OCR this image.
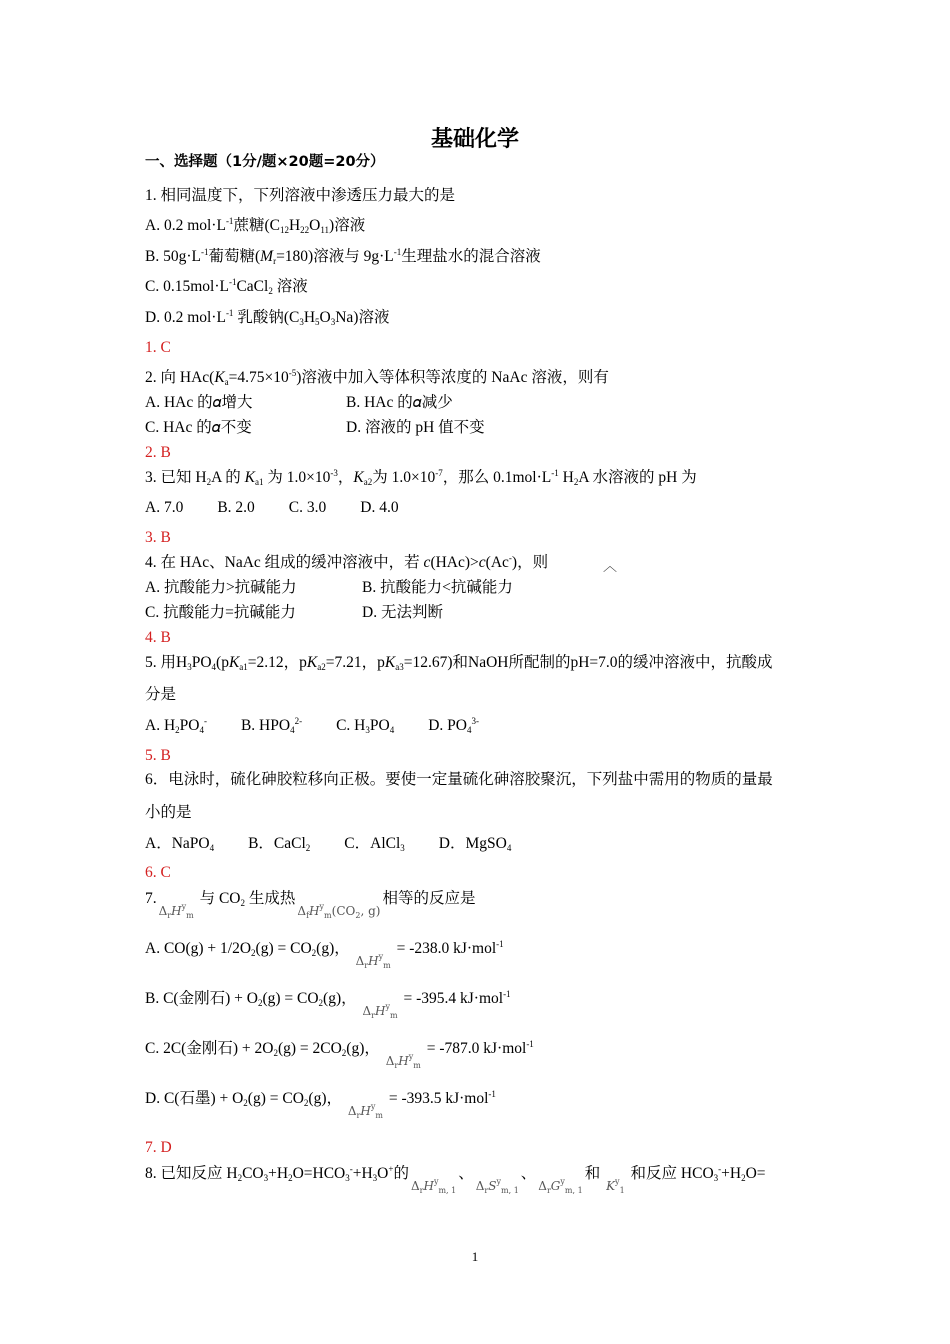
基础化学
一、选择题（1分/题×20题=20分）
1. 相同温度下，下列溶液中渗透压力最大的是
A. 0.2 $mol\cdot L^{-1}$蔗糖$(C_{12}H_{22}O_{11})$溶液
B. $50g\cdot L^{-1}$葡萄糖$(M_r=180)$溶液与 $9g\cdot L^{-1}$生理盐水的混合溶液
C. $0.15mol\cdot L^{-1}CaCl_2$ 溶液
D. 0.2 $mol\cdot L^{-1}$ 乳酸钠$(C_3H_5O_3Na)$溶液
1. C
2. 向 $HAc(K_a=4.75\times 10^{-5})$溶液中加入等体积等浓度的 NaAc 溶液，则有
A. HAc 的𝛼增大	B. HAc 的𝛼减少
C. HAc 的𝛼不变	D. 溶液的 pH 值不变
2. B
3. 已知 $H_2A$ 的 $K_{a1}$ 为 $1.0\times 10^{-3}$，$K_{a2}$为 $1.0\times 10^{-7}$，那么 $0.1mol\cdot L^{-1}$ $H_2A$ 水溶液的 pH 为
A. 7.0 B. 2.0 C. 3.0 D. 4.0
3. B
4. 在 HAc、NaAc 组成的缓冲溶液中，若 c(HAc)>c(Ac-)，则	︿
A. 抗酸能力>抗碱能力	B. 抗酸能力<抗碱能力
C. 抗酸能力=抗碱能力	D. 无法判断
4. B
5. 用$H_3PO_4(pK_{a1}=2.12$，$pK_{a2}=7.21$，$pK_{a3}=12.67$)和NaOH所配制的pH=7.0的缓冲溶液中，抗酸成
分是
A. $H_2PO_4^-$ B. $HPO_4^{2-}$ C. $H_3PO_4$ D. $PO_4^{3-}$
5. B
6．电泳时，硫化砷胶粒移向正极。要使一定量硫化砷溶胶聚沉，下列盐中需用的物质的量最
小的是
A．NaPO$_4$ B．CaCl$_2$ C．AlCl$_3$ D．MgSO$_4$
6. C
$7.\Delta_rH^y_m$ 与 $CO_2$ 生成热$\Delta_fH^y_m(CO_2$, g)相等的反应是
A. $CO(g) + 1/2O_2(g) = CO_2(g)$， $\Delta_rH^y_m = -238.0$ kJ·mol$^{-1}$
B. C(金刚石) + $O_2(g) = CO_2(g)$， $\Delta_rH^y_m = -395.4$ kJ·mol$^{-1}$
C. 2C(金刚石) + $2O_2(g) = 2CO_2(g)$， $\Delta_rH^y_m = -787.0$ kJ·mol$^{-1}$
D. C(石墨) + $O_2(g) = CO_2(g)$， $\Delta_rH^y_m = -393.5$ kJ·mol$^{-1}$
7. D
8. 已知反应 $H_2CO_3+H_2O=HCO_3^-+H_3O^+$的$\Delta_rH^y_{m, 1}$、$\Delta_rS^y_{m, 1}$、$\Delta_rG^y_{m, 1}$和 $K^y_1$ 和反应 $HCO_3^-+H_2O=$
1
